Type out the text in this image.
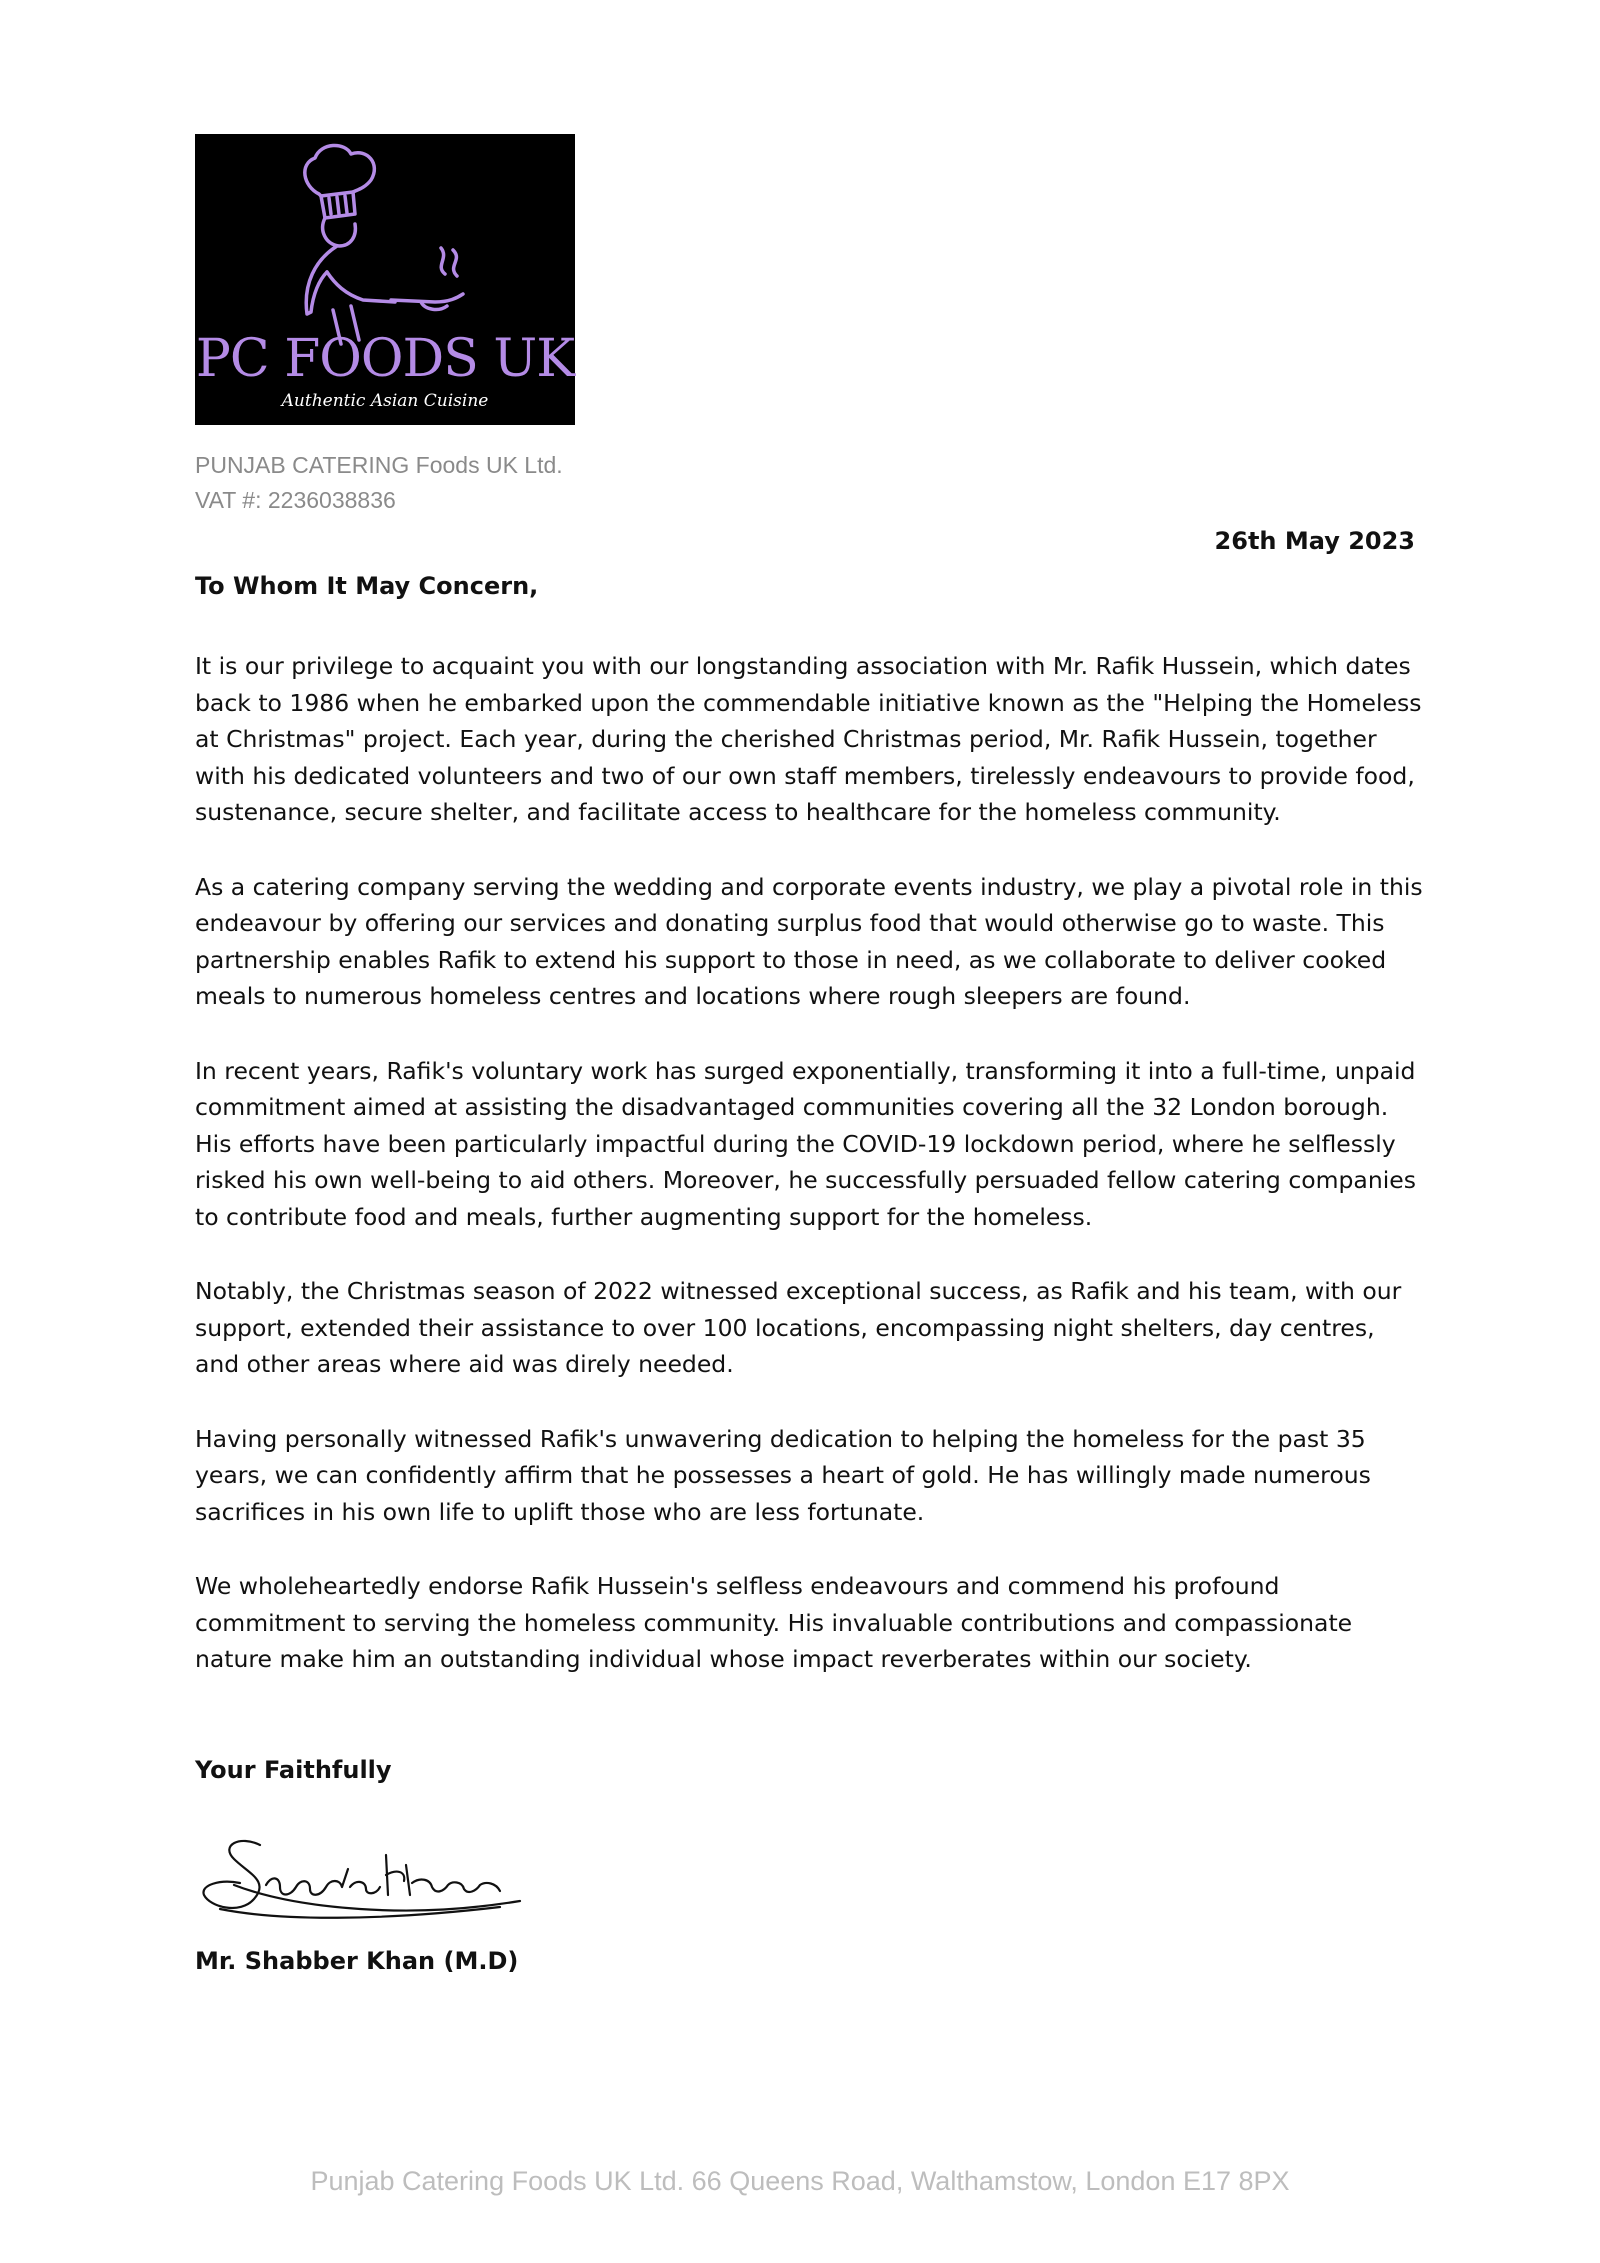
PC FOODS UK
Authentic Asian Cuisine
PUNJAB CATERING Foods UK Ltd.
VAT #: 2236038836
26th May 2023
To Whom It May Concern,

It is our privilege to acquaint you with our longstanding association with Mr. Rafik Hussein, which dates back to 1986 when he embarked upon the commendable initiative known as the "Helping the Homeless at Christmas" project. Each year, during the cherished Christmas period, Mr. Rafik Hussein, together with his dedicated volunteers and two of our own staff members, tirelessly endeavours to provide food, sustenance, secure shelter, and facilitate access to healthcare for the homeless community.

As a catering company serving the wedding and corporate events industry, we play a pivotal role in this endeavour by offering our services and donating surplus food that would otherwise go to waste. This partnership enables Rafik to extend his support to those in need, as we collaborate to deliver cooked meals to numerous homeless centres and locations where rough sleepers are found.

In recent years, Rafik's voluntary work has surged exponentially, transforming it into a full-time, unpaid commitment aimed at assisting the disadvantaged communities covering all the 32 London borough. His efforts have been particularly impactful during the COVID-19 lockdown period, where he selflessly risked his own well-being to aid others. Moreover, he successfully persuaded fellow catering companies to contribute food and meals, further augmenting support for the homeless.

Notably, the Christmas season of 2022 witnessed exceptional success, as Rafik and his team, with our support, extended their assistance to over 100 locations, encompassing night shelters, day centres, and other areas where aid was direly needed.

Having personally witnessed Rafik's unwavering dedication to helping the homeless for the past 35 years, we can confidently affirm that he possesses a heart of gold. He has willingly made numerous sacrifices in his own life to uplift those who are less fortunate.

We wholeheartedly endorse Rafik Hussein's selfless endeavours and commend his profound commitment to serving the homeless community. His invaluable contributions and compassionate nature make him an outstanding individual whose impact reverberates within our society.

Your Faithfully
Mr. Shabber Khan (M.D)
Punjab Catering Foods UK Ltd. 66 Queens Road, Walthamstow, London E17 8PX
